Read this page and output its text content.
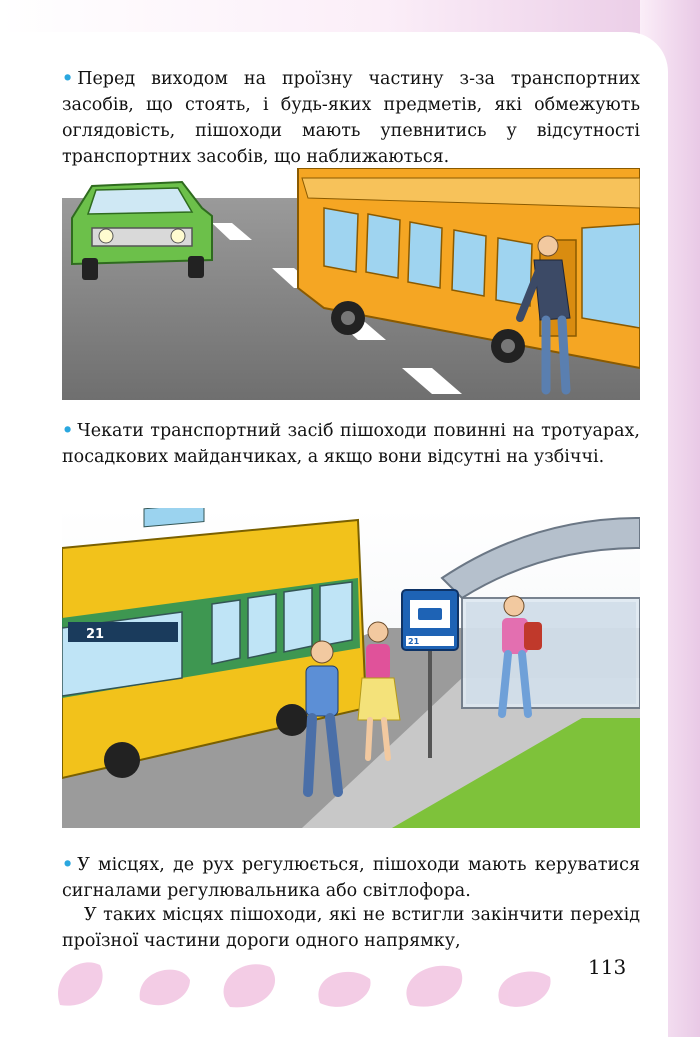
• Перед виходом на проїзну частину з-за транспортних засобів, що стоять, і будь-яких предметів, які обмежують оглядовість, пішоходи мають упевнитись у відсутності транспортних засобів, що наближаються.

• Чекати транспортний засіб пішоходи повинні на тротуарах, посадкових майданчиках, а якщо вони відсутні на узбіччі.

21	21

• У місцях, де рух регулюється, пішоходи мають керуватися сигналами регулювальника або світлофора.

У таких місцях пішоходи, які не встигли закінчити перехід проїзної частини дороги одного напрямку,

113
